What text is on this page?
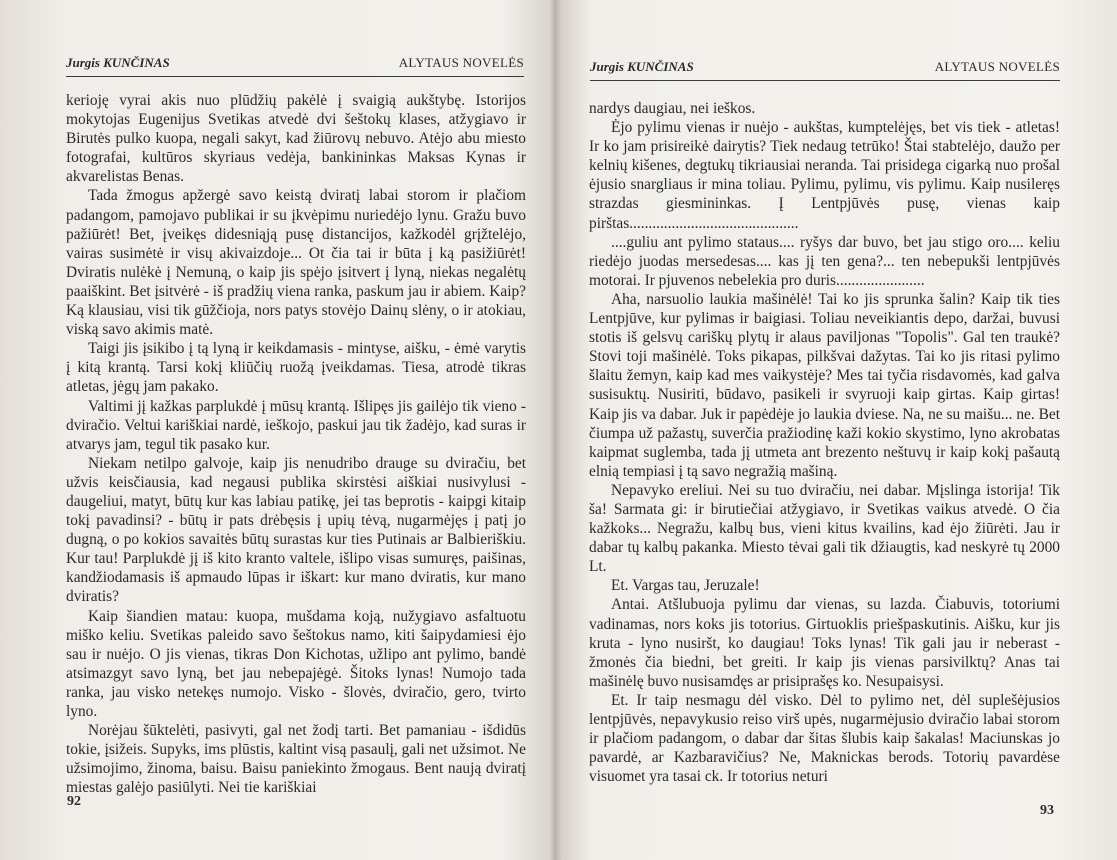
Jurgis KUNČINAS	ALYTAUS NOVELĖS

kerioję vyrai akis nuo plūdžių pakėlė į svaigią aukštybę. Istorijos mokytojas Eugenijus Svetikas atvedė dvi šeštokų klases, atžygiavo ir Birutės pulko kuopa, negali sakyt, kad žiūrovų nebuvo. Atėjo abu miesto fotografai, kultūros skyriaus vedėja, bankininkas Maksas Kynas ir akvarelistas Benas.

Tada žmogus apžergė savo keistą dviratį labai storom ir plačiom padangom, pamojavo publikai ir su įkvėpimu nuriedėjo lynu. Gražu buvo pažiūrėt! Bet, įveikęs didesniąją pusę distancijos, kažkodėl grįžtelėjo, vairas susimėtė ir visų akivaizdoje... Ot čia tai ir būta į ką pasižiūrėt! Dviratis nulėkė į Nemuną, o kaip jis spėjo įsitvert į lyną, niekas negalėtų paaiškint. Bet įsitvėrė - iš pradžių viena ranka, paskum jau ir abiem. Kaip? Ką klausiau, visi tik gūžčioja, nors patys stovėjo Dainų slėny, o ir atokiau, viską savo akimis matė.

Taigi jis įsikibo į tą lyną ir keikdamasis - mintyse, aišku, - ėmė varytis į kitą krantą. Tarsi kokį kliūčių ruožą įveikdamas. Tiesa, atrodė tikras atletas, jėgų jam pakako.

Valtimi jį kažkas parplukdė į mūsų krantą. Išlipęs jis gailėjo tik vieno - dviračio. Veltui kariškiai nardė, ieškojo, paskui jau tik žadėjo, kad suras ir atvarys jam, tegul tik pasako kur.

Niekam netilpo galvoje, kaip jis nenudribo drauge su dviračiu, bet užvis keisčiausia, kad negausi publika skirstėsi aiškiai nusivylusi - daugeliui, matyt, būtų kur kas labiau patikę, jei tas beprotis - kaipgi kitaip tokį pavadinsi? - būtų ir pats drėbęsis į upių tėvą, nugarmėjęs į patį jo dugną, o po kokios savaitės būtų surastas kur ties Putinais ar Balbieriškiu. Kur tau! Parplukdė jį iš kito kranto valtele, išlipo visas sumuręs, paišinas, kandžiodamasis iš apmaudo lūpas ir iškart: kur mano dviratis, kur mano dviratis?

Kaip šiandien matau: kuopa, mušdama koją, nužygiavo asfaltuotu miško keliu. Svetikas paleido savo šeštokus namo, kiti šaipydamiesi ėjo sau ir nuėjo. O jis vienas, tikras Don Kichotas, užlipo ant pylimo, bandė atsimazgyt savo lyną, bet jau nebepajėgė. Šitoks lynas! Numojo tada ranka, jau visko netekęs numojo. Visko - šlovės, dviračio, gero, tvirto lyno.

Norėjau šūktelėti, pasivyti, gal net žodį tarti. Bet pamaniau - išdidūs tokie, įsižeis. Supyks, ims plūstis, kaltint visą pasaulį, gali net užsimot. Ne užsimojimo, žinoma, baisu. Baisu paniekinto žmogaus. Bent naują dviratį miestas galėjo pasiūlyti. Nei tie kariškiai

92
Jurgis KUNČINAS	ALYTAUS NOVELĖS

nardys daugiau, nei ieškos.

Ėjo pylimu vienas ir nuėjo - aukštas, kumptelėjęs, bet vis tiek - atletas! Ir ko jam prisireikė dairytis? Tiek nedaug tetrūko! Štai stabtelėjo, daužo per kelnių kišenes, degtukų tikriausiai neranda. Tai prisidega cigarką nuo prošal ėjusio snargliaus ir mina toliau. Pylimu, pylimu, vis pylimu. Kaip nusileręs strazdas giesmininkas. Į Lentpjūvės pusę, vienas kaip pirštas............................................

....guliu ant pylimo stataus.... ryšys dar buvo, bet jau stigo oro.... keliu riedėjo juodas mersedesas.... kas jį ten gena?... ten nebepukši lentpjūvės motorai. Ir pjuvenos nebelekia pro duris.......................

Aha, narsuolio laukia mašinėlė! Tai ko jis sprunka šalin? Kaip tik ties Lentpjūve, kur pylimas ir baigiasi. Toliau neveikiantis depo, daržai, buvusi stotis iš gelsvų cariškų plytų ir alaus paviljonas "Topolis". Gal ten traukė? Stovi toji mašinėlė. Toks pikapas, pilkšvai dažytas. Tai ko jis ritasi pylimo šlaitu žemyn, kaip kad mes vaikystėje? Mes tai tyčia risdavomės, kad galva susisuktų. Nusiriti, būdavo, pasikeli ir svyruoji kaip girtas. Kaip girtas! Kaip jis va dabar. Juk ir papėdėje jo laukia dviese. Na, ne su maišu... ne. Bet čiumpa už pažastų, suverčia pražiodinę kaži kokio skystimo, lyno akrobatas kaipmat suglemba, tada jį utmeta ant brezento neštuvų ir kaip kokį pašautą elnią tempiasi į tą savo negražią mašiną.

Nepavyko ereliui. Nei su tuo dviračiu, nei dabar. Mįslinga istorija! Tik ša! Sarmata gi: ir birutiečiai atžygiavo, ir Svetikas vaikus atvedė. O čia kažkoks... Negražu, kalbų bus, vieni kitus kvailins, kad ėjo žiūrėti. Jau ir dabar tų kalbų pakanka. Miesto tėvai gali tik džiaugtis, kad neskyrė tų 2000 Lt.

Et. Vargas tau, Jeruzale!

Antai. Atšlubuoja pylimu dar vienas, su lazda. Čiabuvis, totoriumi vadinamas, nors koks jis totorius. Girtuoklis priešpaskutinis. Aišku, kur jis kruta - lyno nusiršt, ko daugiau! Toks lynas! Tik gali jau ir neberast - žmonės čia biedni, bet greiti. Ir kaip jis vienas parsivilktų? Anas tai mašinėlę buvo nusisamdęs ar prisiprašęs ko. Nesupaisysi.

Et. Ir taip nesmagu dėl visko. Dėl to pylimo net, dėl suplešėjusios lentpjūvės, nepavykusio reiso virš upės, nugarmėjusio dviračio labai storom ir plačiom padangom, o dabar dar šitas šlubis kaip šakalas! Maciunskas jo pavardė, ar Kazbaravičius? Ne, Maknickas berods. Totorių pavardėse visuomet yra tasai ck. Ir totorius neturi

93
